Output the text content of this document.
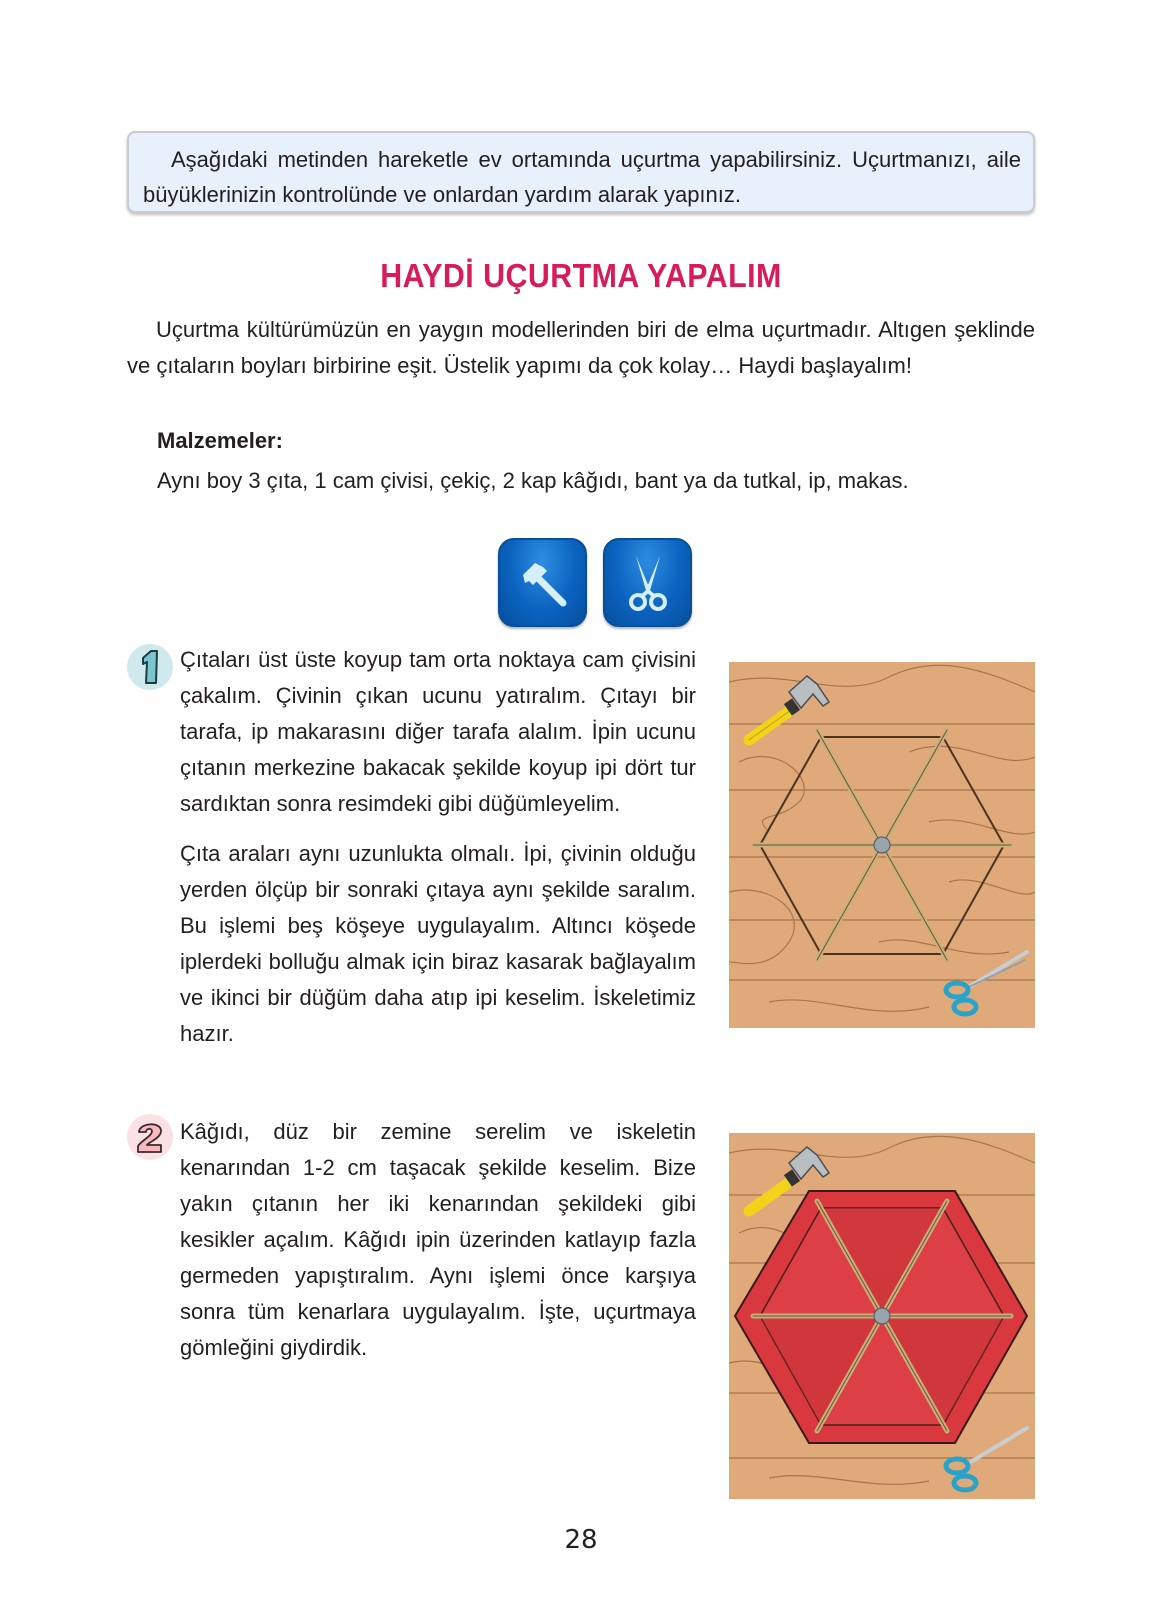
Aşağıdaki metinden hareketle ev ortamında uçurtma yapabilirsiniz. Uçurtmanızı, aile büyüklerinizin kontrolünde ve onlardan yardım alarak yapınız.

HAYDİ UÇURTMA YAPALIM

Uçurtma kültürümüzün en yaygın modellerinden biri de elma uçurtmadır. Altıgen şeklinde ve çıtaların boyları birbirine eşit. Üstelik yapımı da çok kolay… Haydi başlayalım!

Malzemeler:
Aynı boy 3 çıta, 1 cam çivisi, çekiç, 2 kap kâğıdı, bant ya da tutkal, ip, makas.

Çıtaları üst üste koyup tam orta noktaya cam çivisini çakalım. Çivinin çıkan ucunu yatıralım. Çıtayı bir tarafa, ip makarasını diğer tarafa alalım. İpin ucunu çıtanın merkezine bakacak şekilde koyup ipi dört tur sardıktan sonra resimdeki gibi düğümleyelim.

Çıta araları aynı uzunlukta olmalı. İpi, çivinin olduğu yerden ölçüp bir sonraki çıtaya aynı şekilde saralım. Bu işlemi beş köşeye uygulayalım. Altıncı köşede iplerdeki bolluğu almak için biraz kasarak bağlayalım ve ikinci bir düğüm daha atıp ipi keselim. İskeletimiz hazır.

Kâğıdı, düz bir zemine serelim ve iskeletin kenarından 1-2 cm taşacak şekilde keselim. Bize yakın çıtanın her iki kenarından şekildeki gibi kesikler açalım. Kâğıdı ipin üzerinden katlayıp fazla germeden yapıştıralım. Aynı işlemi önce karşıya sonra tüm kenarlara uygulayalım. İşte, uçurtmaya gömleğini giydirdik.

28
